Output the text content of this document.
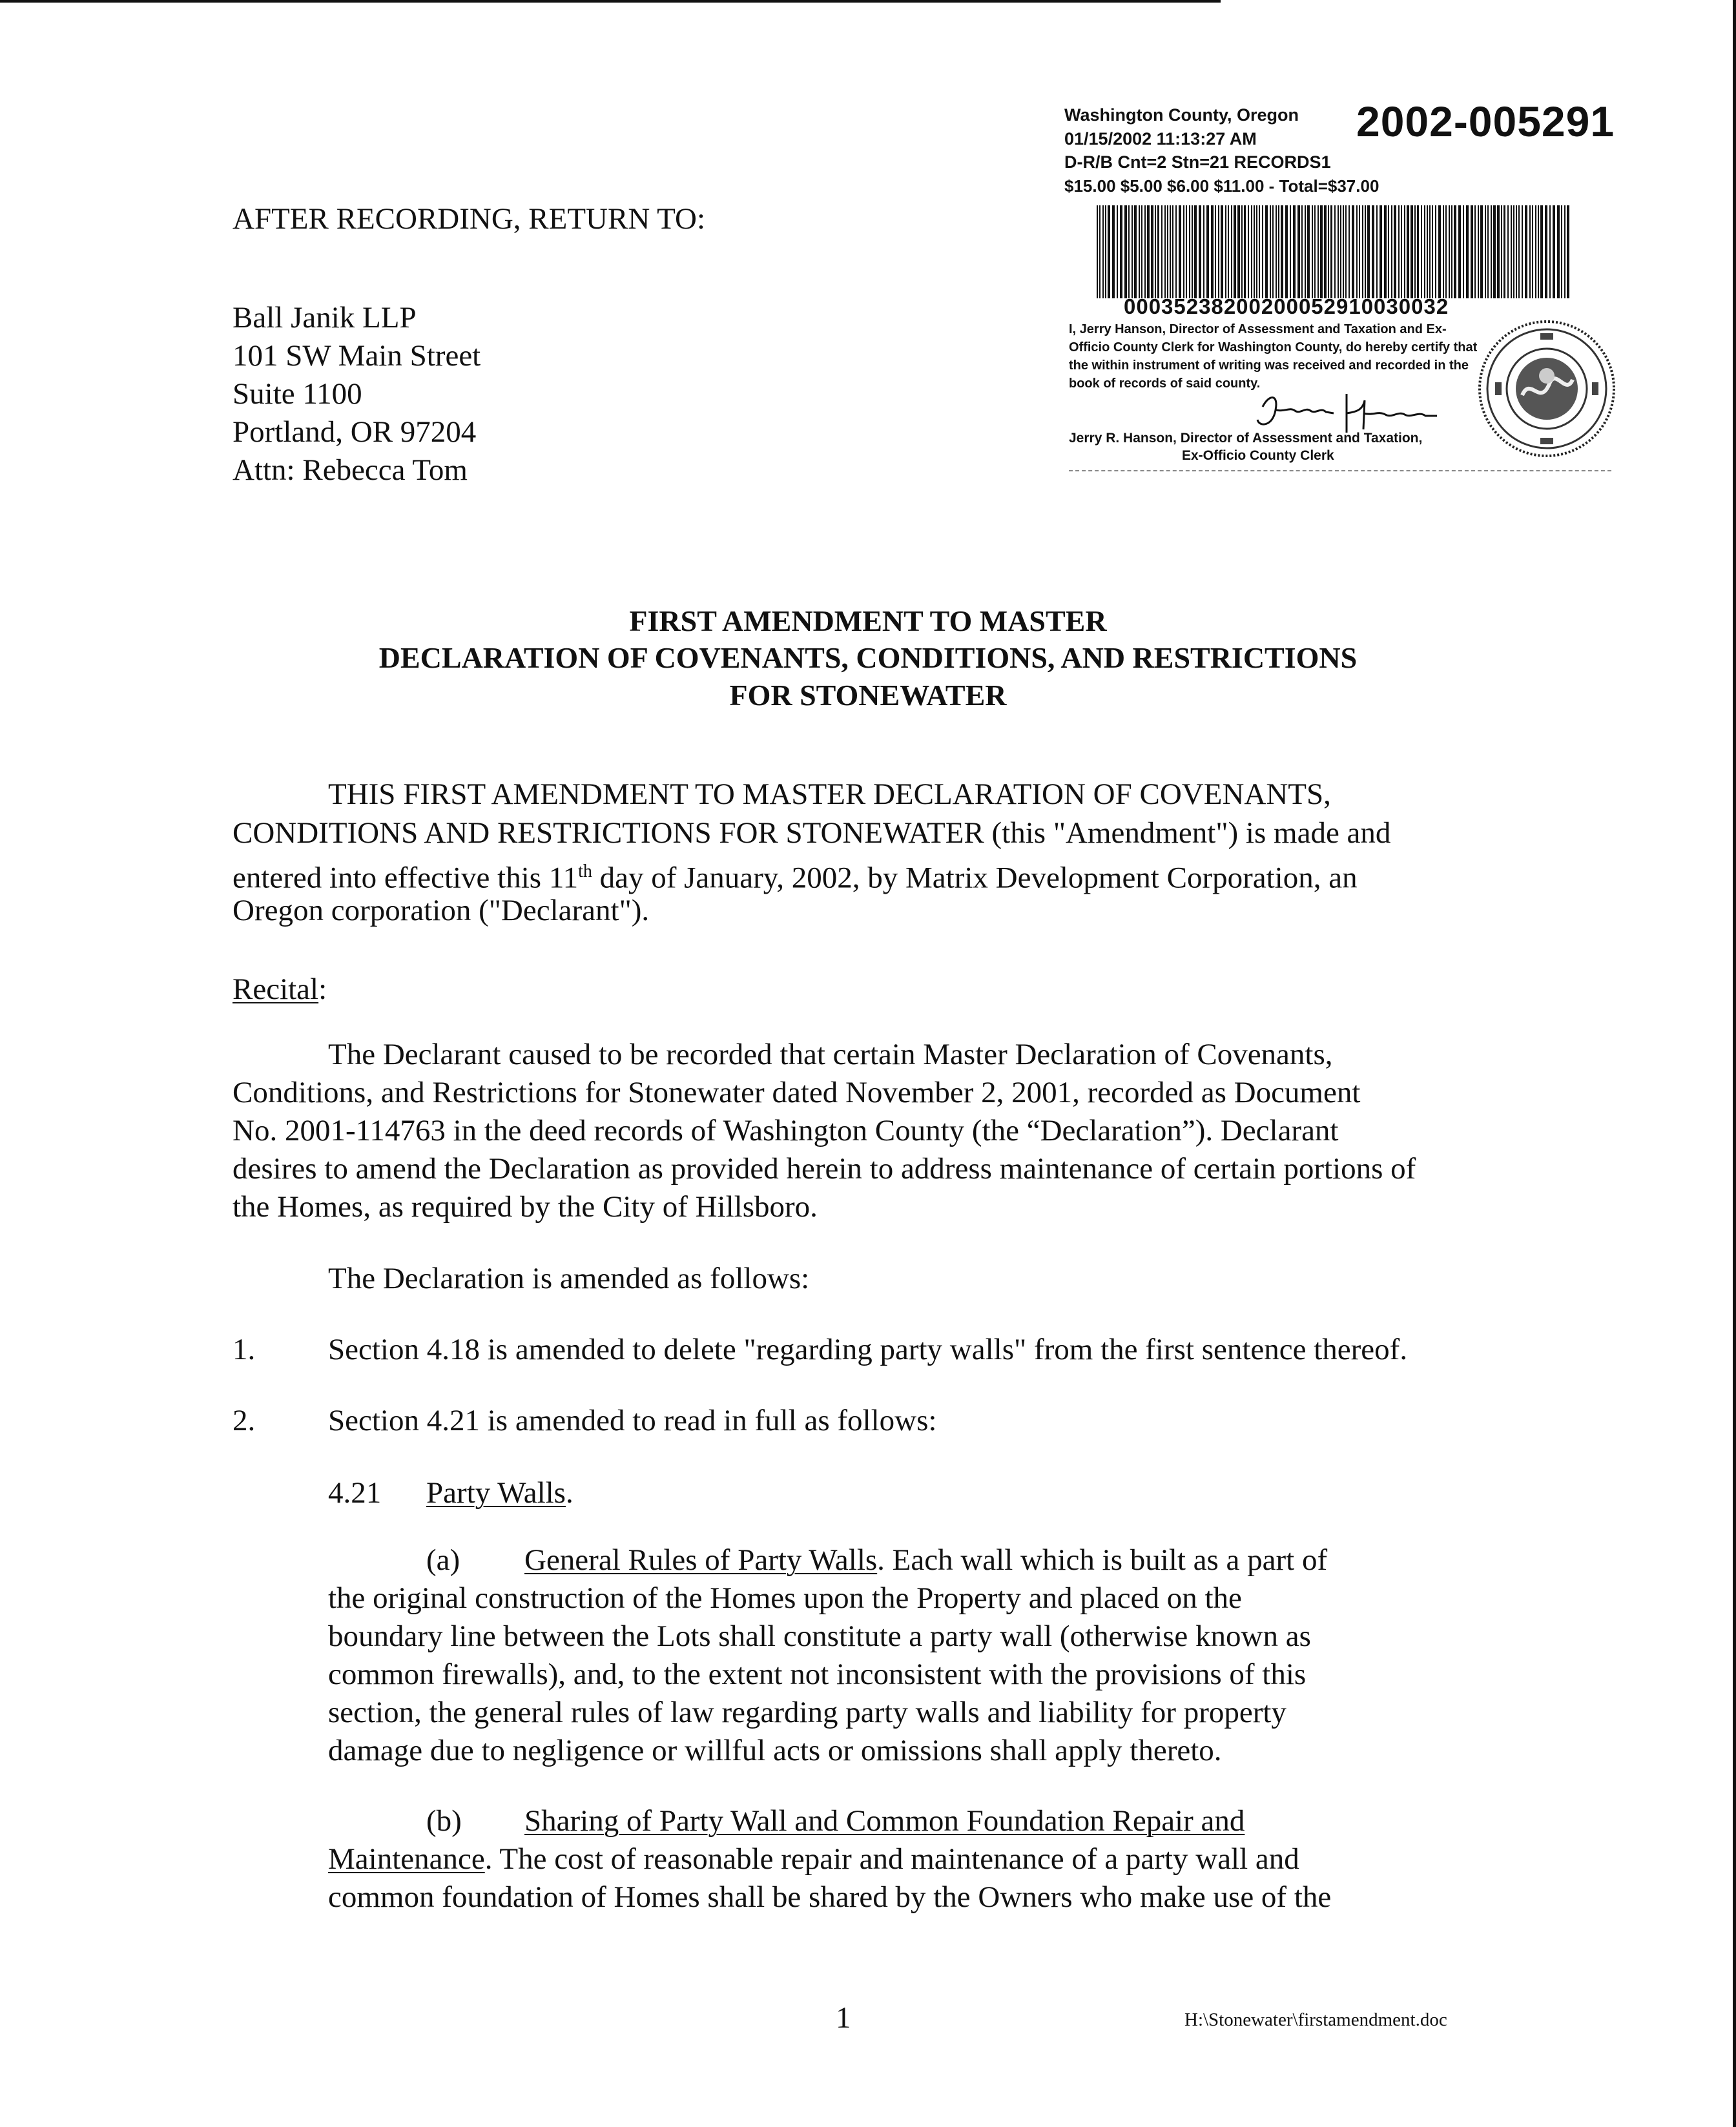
Washington County, Oregon 2002-005291
01/15/2002 11:13:27 AM
D-R/B Cnt=2 Stn=21 RECORDS1
$15.00 $5.00 $6.00 $11.00 - Total=$37.00
00035238200200052910030032
I, Jerry Hanson, Director of Assessment and Taxation and Ex-Officio County Clerk for Washington County, do hereby certify that the within instrument of writing was received and recorded in the book of records of said county.
Jerry R. Hanson, Director of Assessment and Taxation,
Ex-Officio County Clerk
AFTER RECORDING, RETURN TO:
Ball Janik LLP
101 SW Main Street
Suite 1100
Portland, OR 97204
Attn: Rebecca Tom
FIRST AMENDMENT TO MASTER
DECLARATION OF COVENANTS, CONDITIONS, AND RESTRICTIONS
FOR STONEWATER
THIS FIRST AMENDMENT TO MASTER DECLARATION OF COVENANTS,
CONDITIONS AND RESTRICTIONS FOR STONEWATER (this "Amendment") is made and
entered into effective this 11th day of January, 2002, by Matrix Development Corporation, an
Oregon corporation ("Declarant").
Recital:
The Declarant caused to be recorded that certain Master Declaration of Covenants,
Conditions, and Restrictions for Stonewater dated November 2, 2001, recorded as Document
No. 2001-114763 in the deed records of Washington County (the “Declaration”). Declarant
desires to amend the Declaration as provided herein to address maintenance of certain portions of
the Homes, as required by the City of Hillsboro.
The Declaration is amended as follows:
1. Section 4.18 is amended to delete "regarding party walls" from the first sentence thereof.
2. Section 4.21 is amended to read in full as follows:
4.21 Party Walls.
(a) General Rules of Party Walls. Each wall which is built as a part of
the original construction of the Homes upon the Property and placed on the
boundary line between the Lots shall constitute a party wall (otherwise known as
common firewalls), and, to the extent not inconsistent with the provisions of this
section, the general rules of law regarding party walls and liability for property
damage due to negligence or willful acts or omissions shall apply thereto.
(b) Sharing of Party Wall and Common Foundation Repair and
Maintenance. The cost of reasonable repair and maintenance of a party wall and
common foundation of Homes shall be shared by the Owners who make use of the
1	H:\Stonewater\firstamendment.doc
